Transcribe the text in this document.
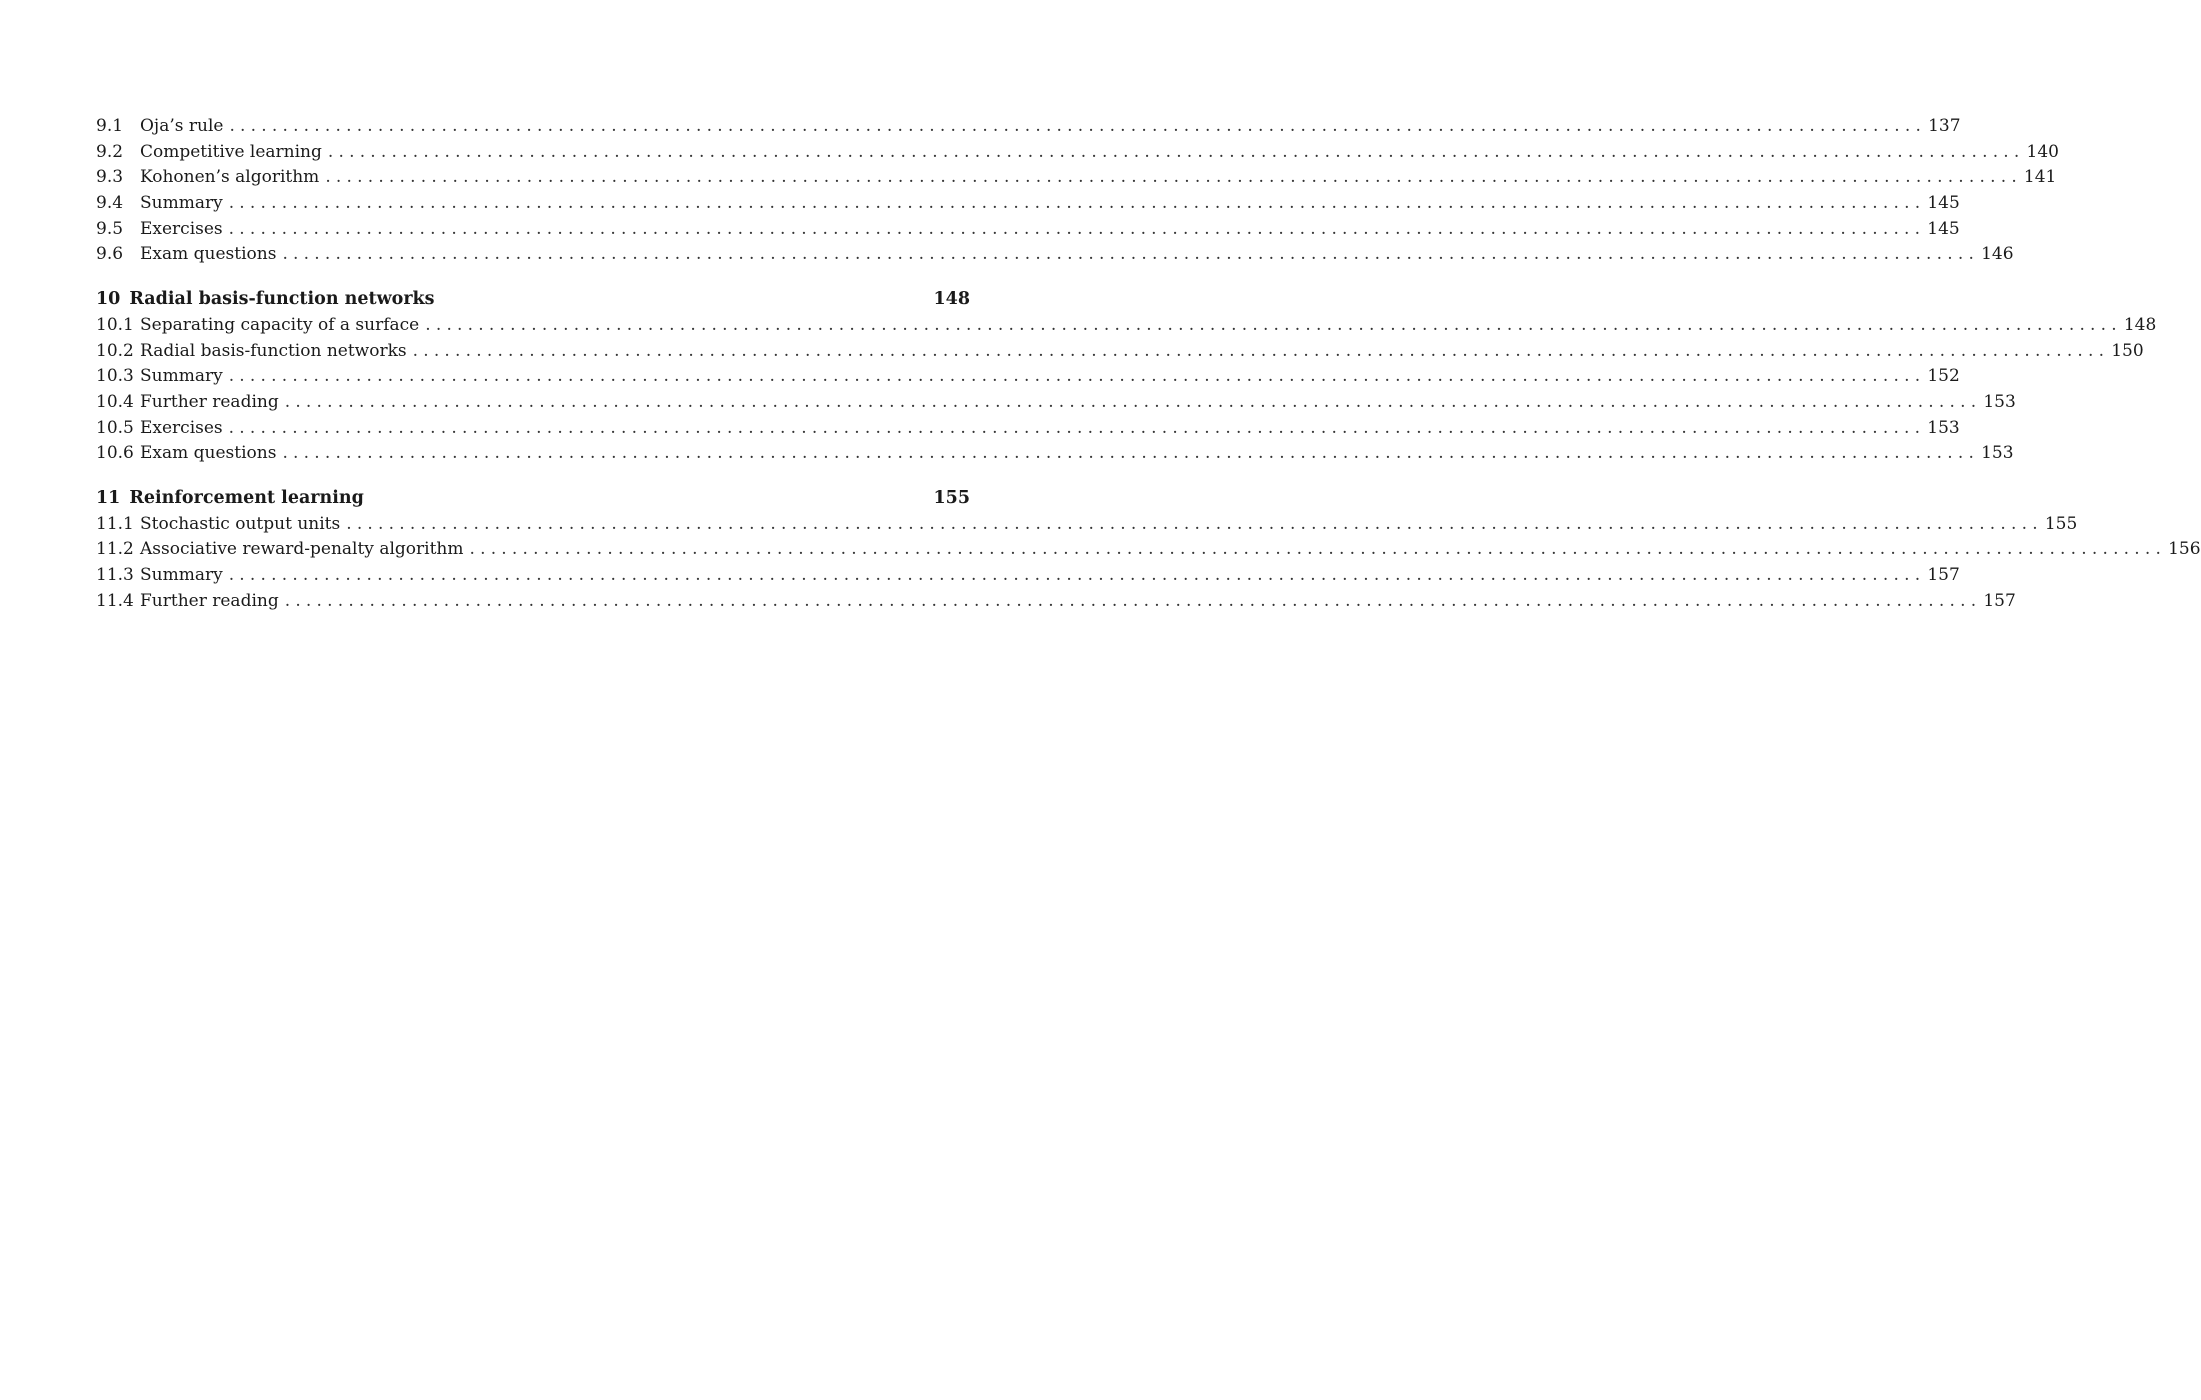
9.1 Oja’s rule ................................................................................................................................................................ 137
9.2 Competitive learning ................................................................................................................................................................ 140
9.3 Kohonen’s algorithm ................................................................................................................................................................ 141
9.4 Summary ................................................................................................................................................................ 145
9.5 Exercises ................................................................................................................................................................ 145
9.6 Exam questions ................................................................................................................................................................ 146
10 Radial basis-function networks	148
10.1 Separating capacity of a surface ................................................................................................................................................................ 148
10.2 Radial basis-function networks ................................................................................................................................................................ 150
10.3 Summary ................................................................................................................................................................ 152
10.4 Further reading ................................................................................................................................................................ 153
10.5 Exercises ................................................................................................................................................................ 153
10.6 Exam questions ................................................................................................................................................................ 153
11 Reinforcement learning	155
11.1 Stochastic output units ................................................................................................................................................................ 155
11.2 Associative reward-penalty algorithm ................................................................................................................................................................ 156
11.3 Summary ................................................................................................................................................................ 157
11.4 Further reading ................................................................................................................................................................ 157
